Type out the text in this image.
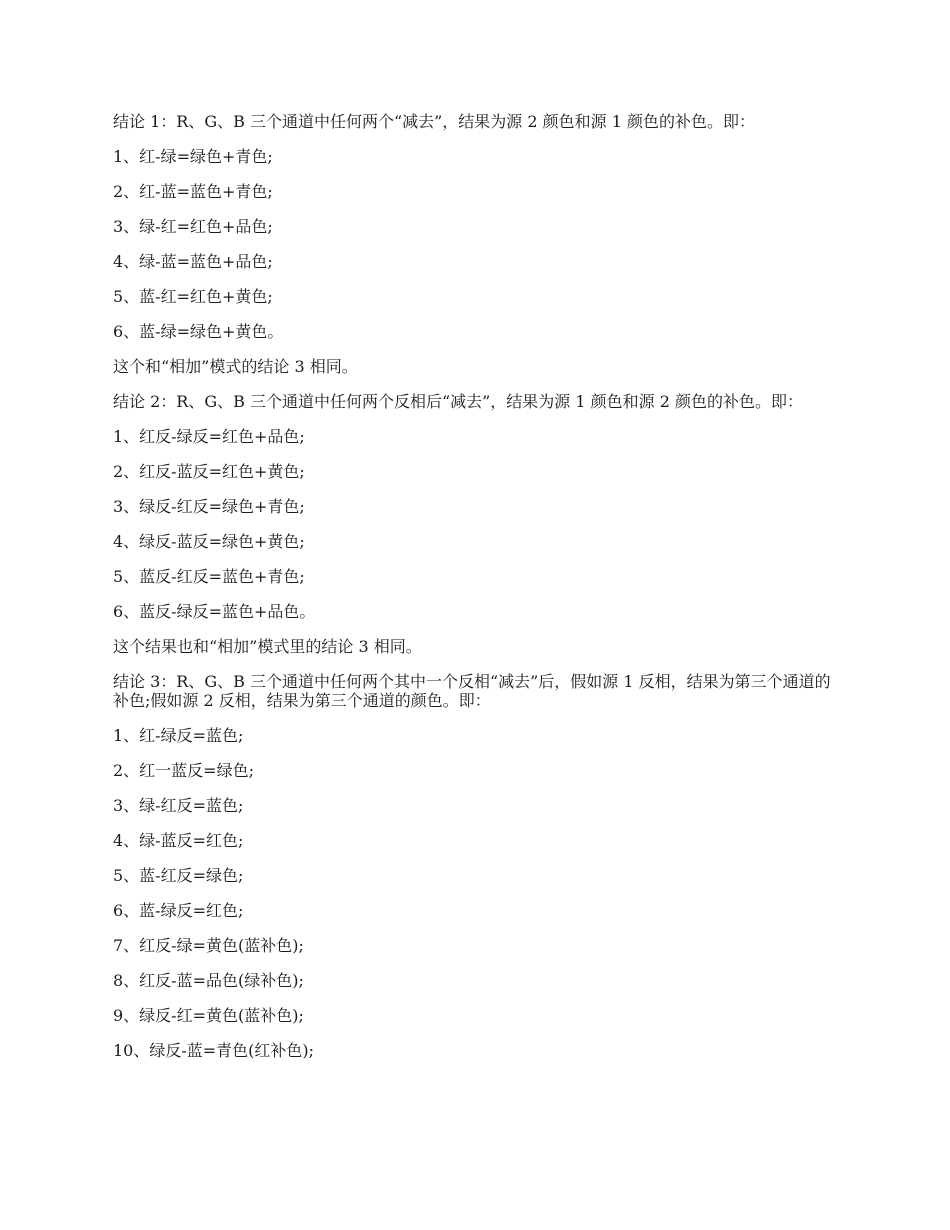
结论 1：R、G、B 三个通道中任何两个“减去”，结果为源 2 颜色和源 1 颜色的补色。即：

1、红-绿=绿色+青色;

2、红-蓝=蓝色+青色;

3、绿-红=红色+品色;

4、绿-蓝=蓝色+品色;

5、蓝-红=红色+黄色;

6、蓝-绿=绿色+黄色。

这个和“相加”模式的结论 3 相同。

结论 2：R、G、B 三个通道中任何两个反相后“减去”，结果为源 1 颜色和源 2 颜色的补色。即：

1、红反-绿反=红色+品色;

2、红反-蓝反=红色+黄色;

3、绿反-红反=绿色+青色;

4、绿反-蓝反=绿色+黄色;

5、蓝反-红反=蓝色+青色;

6、蓝反-绿反=蓝色+品色。

这个结果也和“相加”模式里的结论 3 相同。

结论 3：R、G、B 三个通道中任何两个其中一个反相“减去”后，假如源 1 反相，结果为第三个通道的补色;假如源 2 反相，结果为第三个通道的颜色。即：

1、红-绿反=蓝色;

2、红一蓝反=绿色;

3、绿-红反=蓝色;

4、绿-蓝反=红色;

5、蓝-红反=绿色;

6、蓝-绿反=红色;

7、红反-绿=黄色(蓝补色);

8、红反-蓝=品色(绿补色);

9、绿反-红=黄色(蓝补色);

10、绿反-蓝=青色(红补色);
